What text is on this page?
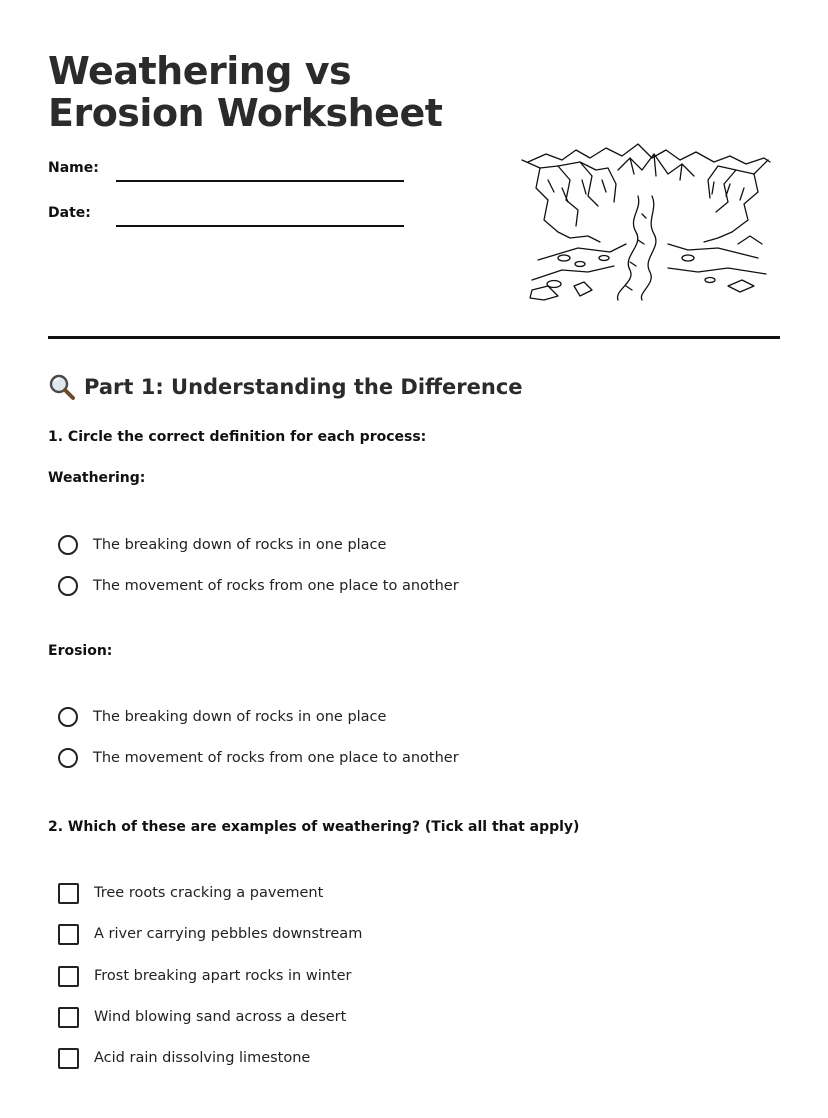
Weathering vs Erosion Worksheet
Name:
Date:
Part 1: Understanding the Difference
1. Circle the correct definition for each process:
Weathering:
The breaking down of rocks in one place
The movement of rocks from one place to another
Erosion:
The breaking down of rocks in one place
The movement of rocks from one place to another
2. Which of these are examples of weathering? (Tick all that apply)
Tree roots cracking a pavement
A river carrying pebbles downstream
Frost breaking apart rocks in winter
Wind blowing sand across a desert
Acid rain dissolving limestone
